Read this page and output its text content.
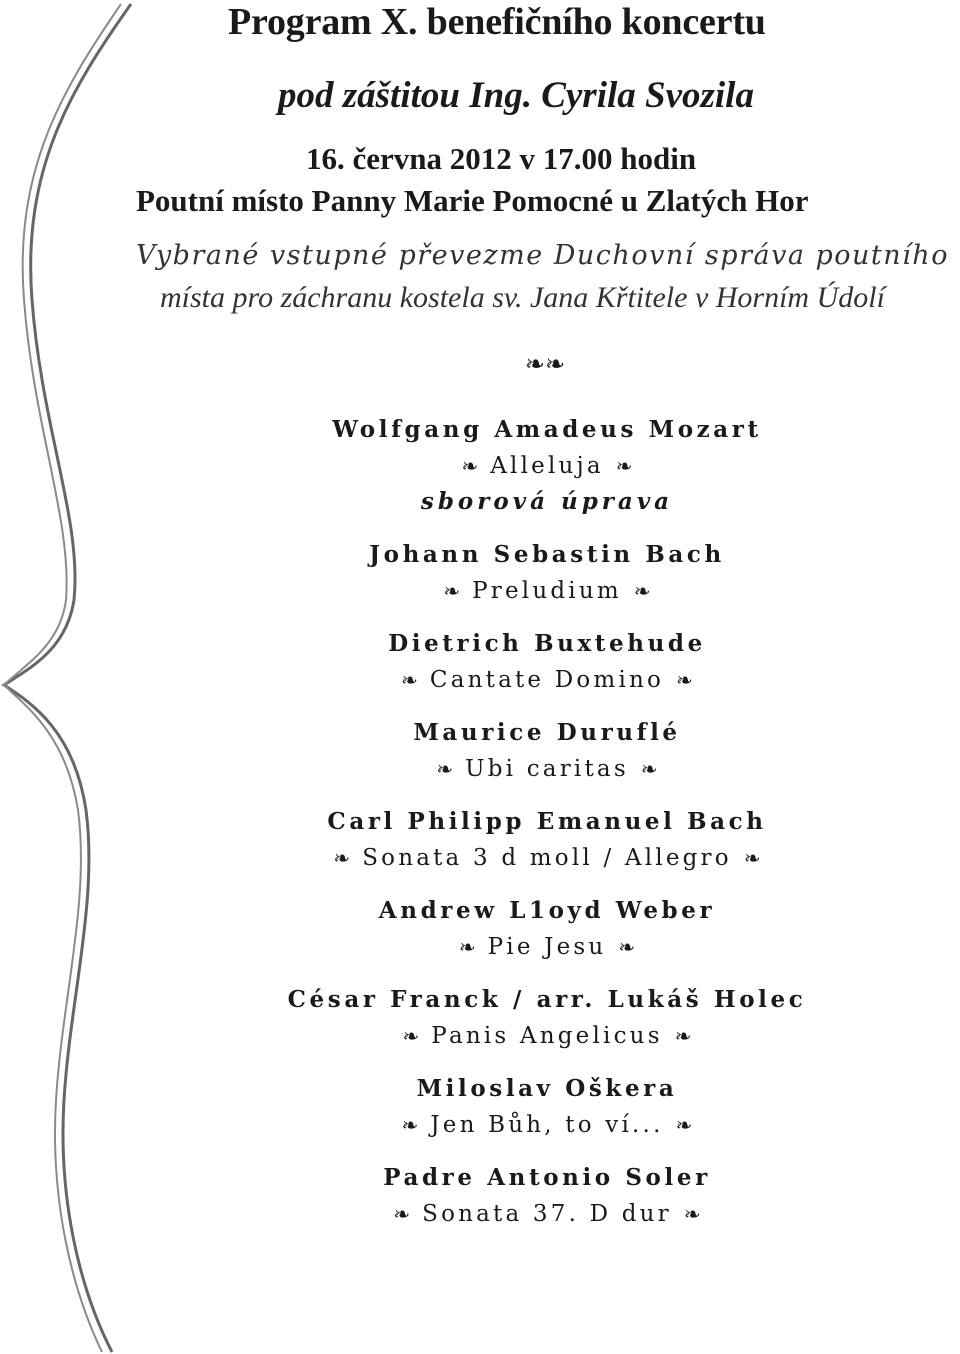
Program X. benefičního koncertu
pod záštitou Ing. Cyrila Svozila
16. června 2012 v 17.00 hodin
Poutní místo Panny Marie Pomocné u Zlatých Hor
Vybrané vstupné převezme Duchovní správa poutního
místa pro záchranu kostela sv. Jana Křtitele v Horním Údolí
❧❧
Wolfgang Amadeus Mozart
❧ Alleluja ❧
sborová úprava
Johann Sebastin Bach
❧ Preludium ❧
Dietrich Buxtehude
❧ Cantate Domino ❧
Maurice Duruflé
❧ Ubi caritas ❧
Carl Philipp Emanuel Bach
❧ Sonata 3 d moll / Allegro ❧
Andrew L1oyd Weber
❧ Pie Jesu ❧
César Franck / arr. Lukáš Holec
❧ Panis Angelicus ❧
Miloslav Oškera
❧ Jen Bůh, to ví... ❧
Padre Antonio Soler
❧ Sonata 37. D dur ❧
